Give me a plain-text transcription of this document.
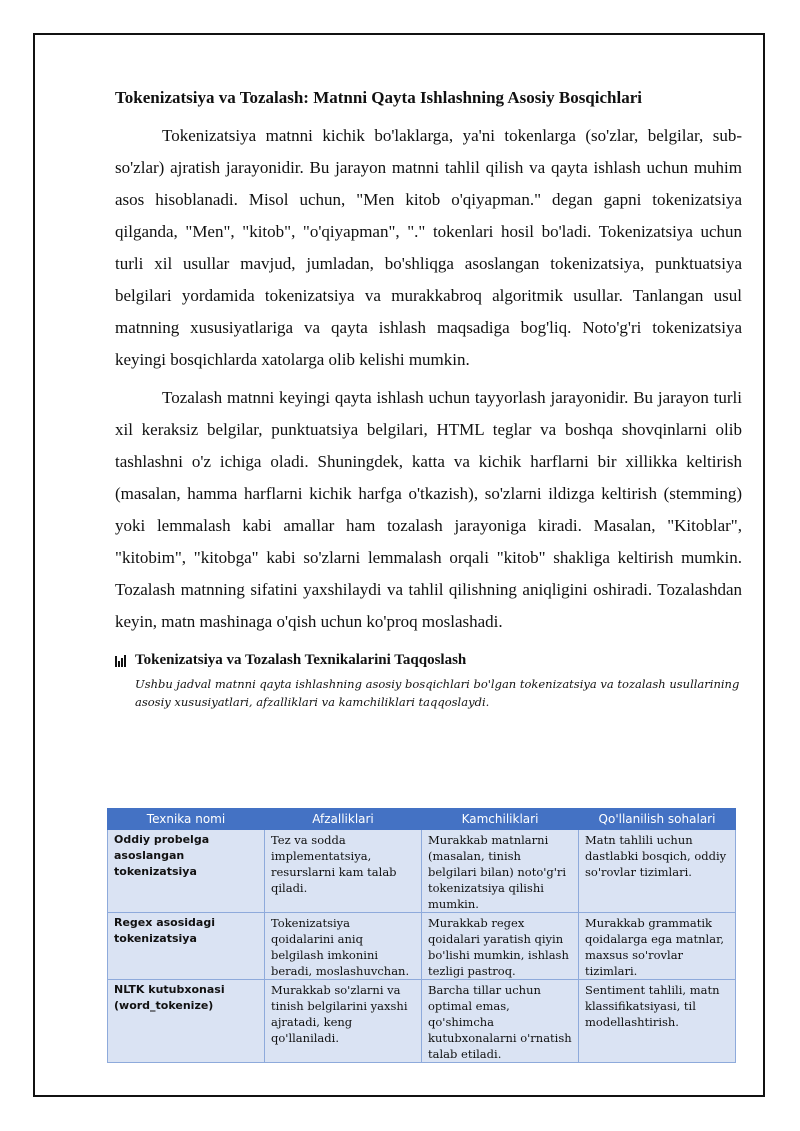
Tokenizatsiya va Tozalash: Matnni Qayta Ishlashning Asosiy Bosqichlari

Tokenizatsiya matnni kichik bo'laklarga, ya'ni tokenlarga (so'zlar, belgilar, sub-so'zlar) ajratish jarayonidir. Bu jarayon matnni tahlil qilish va qayta ishlash uchun muhim asos hisoblanadi. Misol uchun, "Men kitob o'qiyapman." degan gapni tokenizatsiya qilganda, "Men", "kitob", "o'qiyapman", "." tokenlari hosil bo'ladi. Tokenizatsiya uchun turli xil usullar mavjud, jumladan, bo'shliqga asoslangan tokenizatsiya, punktuatsiya belgilari yordamida tokenizatsiya va murakkabroq algoritmik usullar. Tanlangan usul matnning xususiyatlariga va qayta ishlash maqsadiga bog'liq. Noto'g'ri tokenizatsiya keyingi bosqichlarda xatolarga olib kelishi mumkin.

Tozalash matnni keyingi qayta ishlash uchun tayyorlash jarayonidir. Bu jarayon turli xil keraksiz belgilar, punktuatsiya belgilari, HTML teglar va boshqa shovqinlarni olib tashlashni o'z ichiga oladi. Shuningdek, katta va kichik harflarni bir xillikka keltirish (masalan, hamma harflarni kichik harfga o'tkazish), so'zlarni ildizga keltirish (stemming) yoki lemmalash kabi amallar ham tozalash jarayoniga kiradi. Masalan, "Kitoblar", "kitobim", "kitobga" kabi so'zlarni lemmalash orqali "kitob" shakliga keltirish mumkin. Tozalash matnning sifatini yaxshilaydi va tahlil qilishning aniqligini oshiradi. Tozalashdan keyin, matn mashinaga o'qish uchun ko'proq moslashadi.

Tokenizatsiya va Tozalash Texnikalarini Taqqoslash
Ushbu jadval matnni qayta ishlashning asosiy bosqichlari bo'lgan tokenizatsiya va tozalash usullarining asosiy xususiyatlari, afzalliklari va kamchiliklari taqqoslaydi.
Texnika nomi	Afzalliklari	Kamchiliklari	Qo'llanilish sohalari
Oddiy probelga asoslangan tokenizatsiya	Tez va sodda implementatsiya, resurslarni kam talab qiladi.	Murakkab matnlarni (masalan, tinish belgilari bilan) noto'g'ri tokenizatsiya qilishi mumkin.	Matn tahlili uchun dastlabki bosqich, oddiy so'rovlar tizimlari.
Regex asosidagi tokenizatsiya	Tokenizatsiya qoidalarini aniq belgilash imkonini beradi, moslashuvchan.	Murakkab regex qoidalari yaratish qiyin bo'lishi mumkin, ishlash tezligi pastroq.	Murakkab grammatik qoidalarga ega matnlar, maxsus so'rovlar tizimlari.
NLTK kutubxonasi (word_tokenize)	Murakkab so'zlarni va tinish belgilarini yaxshi ajratadi, keng qo'llaniladi.	Barcha tillar uchun optimal emas, qo'shimcha kutubxonalarni o'rnatish talab etiladi.	Sentiment tahlili, matn klassifikatsiyasi, til modellashtirish.
